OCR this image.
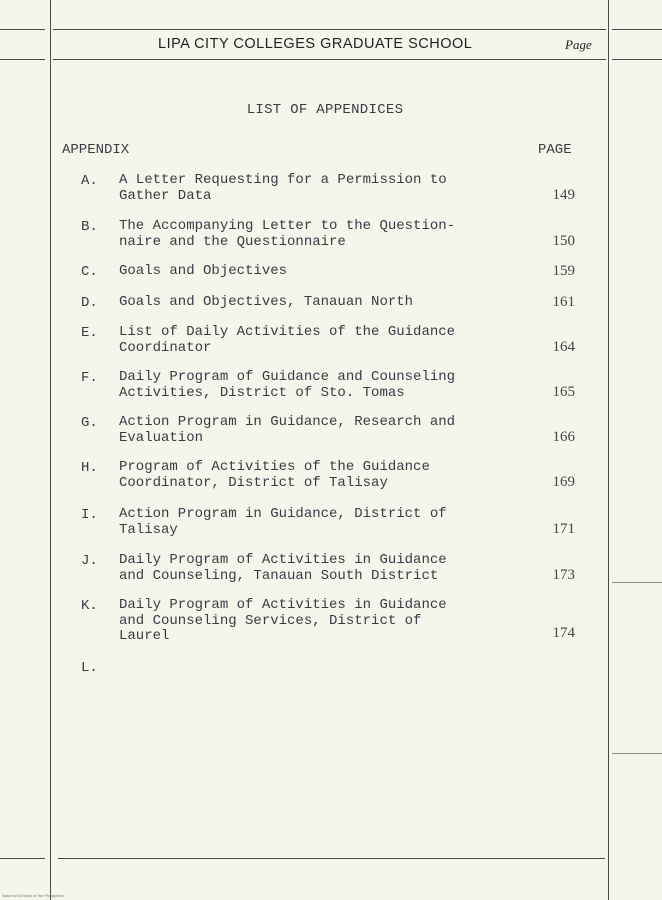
LIPA CITY COLLEGES GRADUATE SCHOOL	Page
LIST OF APPENDICES
APPENDIX	PAGE
A. A Letter Requesting for a Permission to
Gather Data	149
B. The Accompanying Letter to the Question-
naire and the Questionnaire	150
C. Goals and Objectives	159
D. Goals and Objectives, Tanauan North	161
E. List of Daily Activities of the Guidance
Coordinator	164
F. Daily Program of Guidance and Counseling
Activities, District of Sto. Tomas	165
G. Action Program in Guidance, Research and
Evaluation	166
H. Program of Activities of the Guidance
Coordinator, District of Talisay	169
I. Action Program in Guidance, District of
Talisay	171
J. Daily Program of Activities in Guidance
and Counseling, Tanauan South District	173
K. Daily Program of Activities in Guidance
and Counseling Services, District of
Laurel	174
L.
National Schools of the Philippines
